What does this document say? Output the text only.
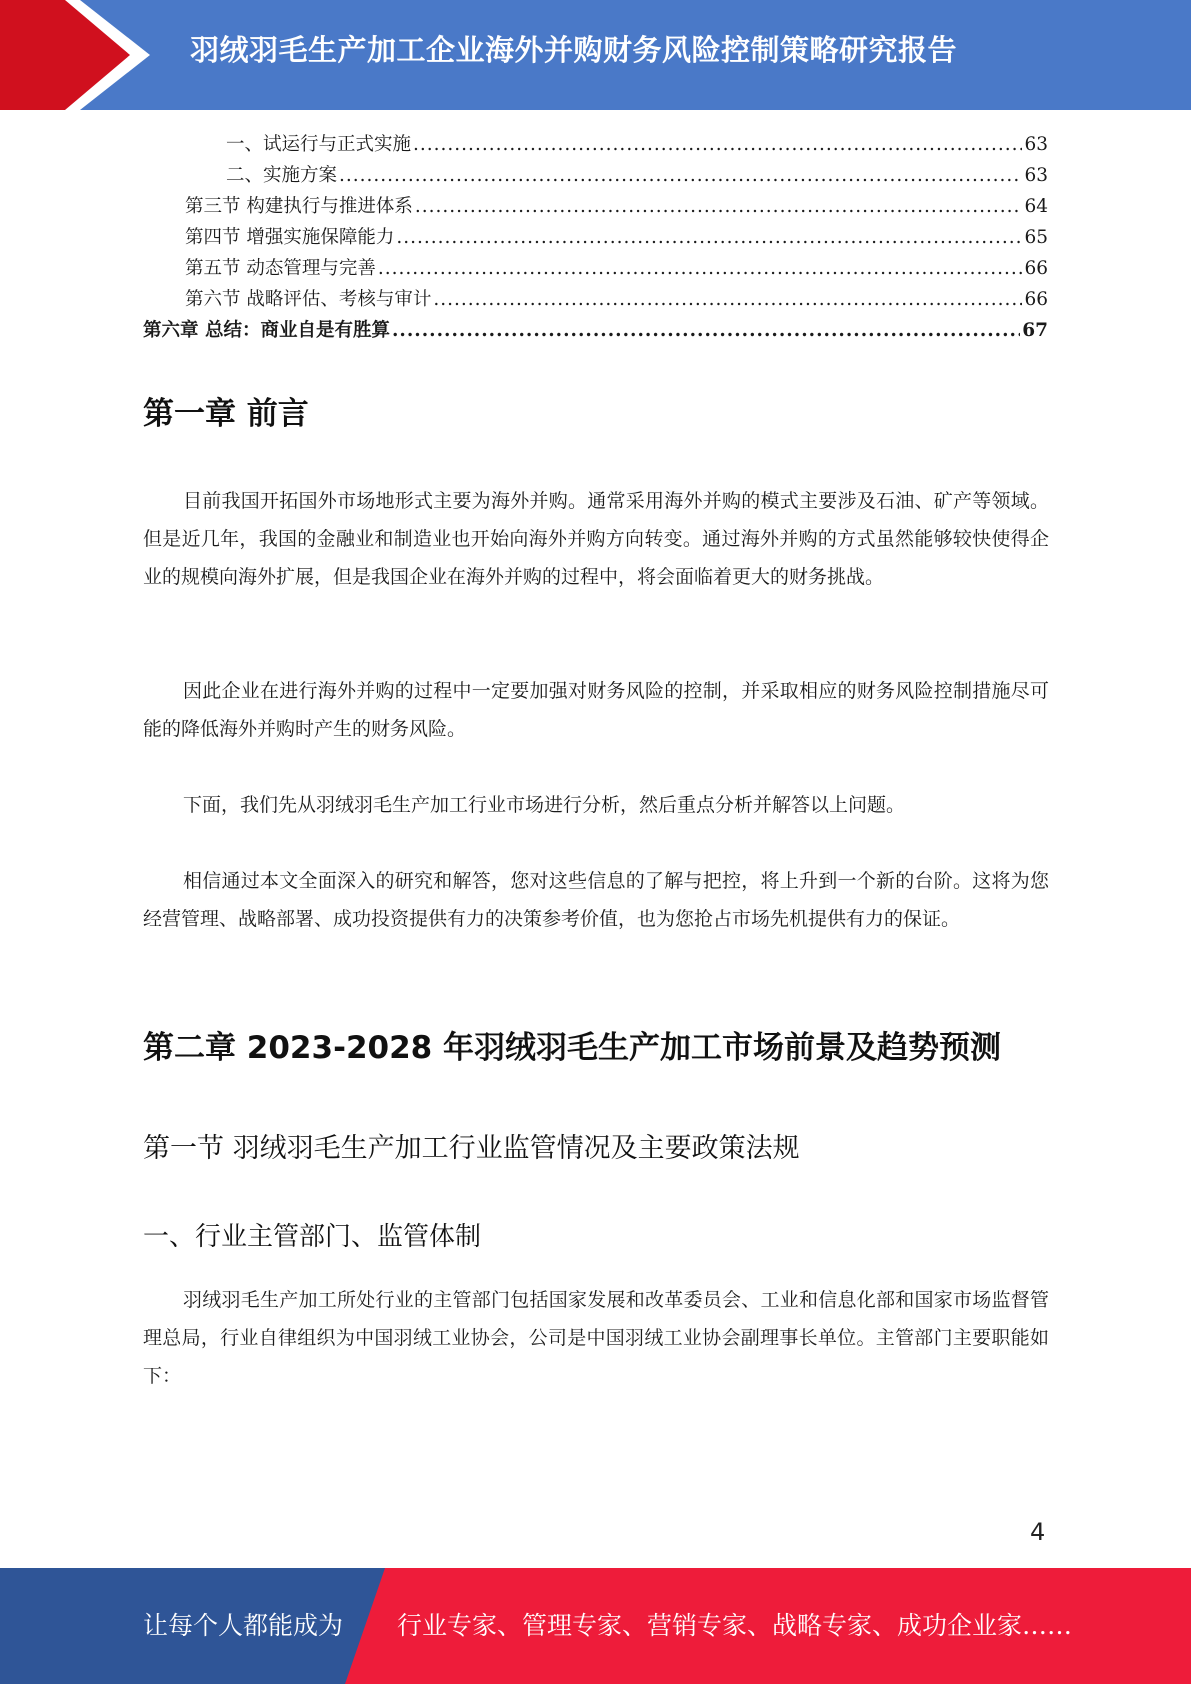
羽绒羽毛生产加工企业海外并购财务风险控制策略研究报告
一、试运行与正式实施 .....	63
二、实施方案 .....	63
第三节 构建执行与推进体系 .....	64
第四节 增强实施保障能力 .....	65
第五节 动态管理与完善 .....	66
第六节 战略评估、考核与审计 .....	66
第六章 总结：商业自是有胜算 .....	67
第一章 前言

目前我国开拓国外市场地形式主要为海外并购。通常采用海外并购的模式主要涉及石油、矿产等领域。但是近几年，我国的金融业和制造业也开始向海外并购方向转变。通过海外并购的方式虽然能够较快使得企业的规模向海外扩展，但是我国企业在海外并购的过程中，将会面临着更大的财务挑战。

因此企业在进行海外并购的过程中一定要加强对财务风险的控制，并采取相应的财务风险控制措施尽可能的降低海外并购时产生的财务风险。

下面，我们先从羽绒羽毛生产加工行业市场进行分析，然后重点分析并解答以上问题。

相信通过本文全面深入的研究和解答，您对这些信息的了解与把控，将上升到一个新的台阶。这将为您经营管理、战略部署、成功投资提供有力的决策参考价值，也为您抢占市场先机提供有力的保证。

第二章 2023-2028 年羽绒羽毛生产加工市场前景及趋势预测
第一节 羽绒羽毛生产加工行业监管情况及主要政策法规
一、行业主管部门、监管体制

羽绒羽毛生产加工所处行业的主管部门包括国家发展和改革委员会、工业和信息化部和国家市场监督管理总局，行业自律组织为中国羽绒工业协会，公司是中国羽绒工业协会副理事长单位。主管部门主要职能如下：

4
让每个人都能成为 行业专家、管理专家、营销专家、战略专家、成功企业家……
